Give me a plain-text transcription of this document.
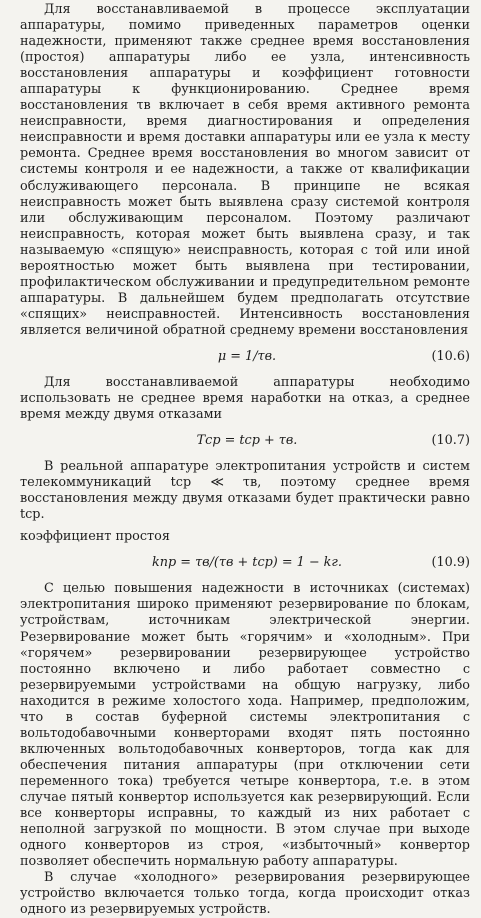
Для восстанавливаемой в процессе эксплуатации аппаратуры, помимо приведенных параметров оценки надежности, применяют также среднее время восстановления (простоя) аппаратуры либо ее узла, интенсивность восстановления аппаратуры и коэффициент готовности аппаратуры к функционированию. Среднее время восстановления τв включает в себя время активного ремонта неисправности, время диагностирования и определения неисправности и время доставки аппаратуры или ее узла к месту ремонта. Среднее время восстановления во многом зависит от системы контроля и ее надежности, а также от квалификации обслуживающего персонала. В принципе не всякая неисправность может быть выявлена сразу системой контроля или обслуживающим персоналом. Поэтому различают неисправность, которая может быть выявлена сразу, и так называемую «спящую» неисправность, которая с той или иной вероятностью может быть выявлена при тестировании, профилактическом обслуживании и предупредительном ремонте аппаратуры. В дальнейшем будем предполагать отсутствие «спящих» неисправностей. Интенсивность восстановления является величиной обратной среднему времени восстановления

μ = 1/τв.	(10.6)

Для восстанавливаемой аппаратуры необходимо использовать не среднее время наработки на отказ, а среднее время между двумя отказами

Tср = tср + τв.	(10.7)

В реальной аппаратуре электропитания устройств и систем телекоммуникаций tср ≪ τв, поэтому среднее время восстановления между двумя отказами будет практически равно tср.

коэффициент простоя

kпр = τв/(τв + tср) = 1 − kг.	(10.9)

С целью повышения надежности в источниках (системах) электропитания широко применяют резервирование по блокам, устройствам, источникам электрической энергии. Резервирование может быть «горячим» и «холодным». При «горячем» резервировании резервирующее устройство постоянно включено и либо работает совместно с резервируемыми устройствами на общую нагрузку, либо находится в режиме холостого хода. Например, предположим, что в состав буферной системы электропитания с вольтодобавочными конверторами входят пять постоянно включенных вольтодобавочных конверторов, тогда как для обеспечения питания аппаратуры (при отключении сети переменного тока) требуется четыре конвертора, т.е. в этом случае пятый конвертор используется как резервирующий. Если все конверторы исправны, то каждый из них работает с неполной загрузкой по мощности. В этом случае при выходе одного конверторов из строя, «избыточный» конвертор позволяет обеспечить нормальную работу аппаратуры.

В случае «холодного» резервирования резервирующее устройство включается только тогда, когда происходит отказ одного из резервируемых устройств.
